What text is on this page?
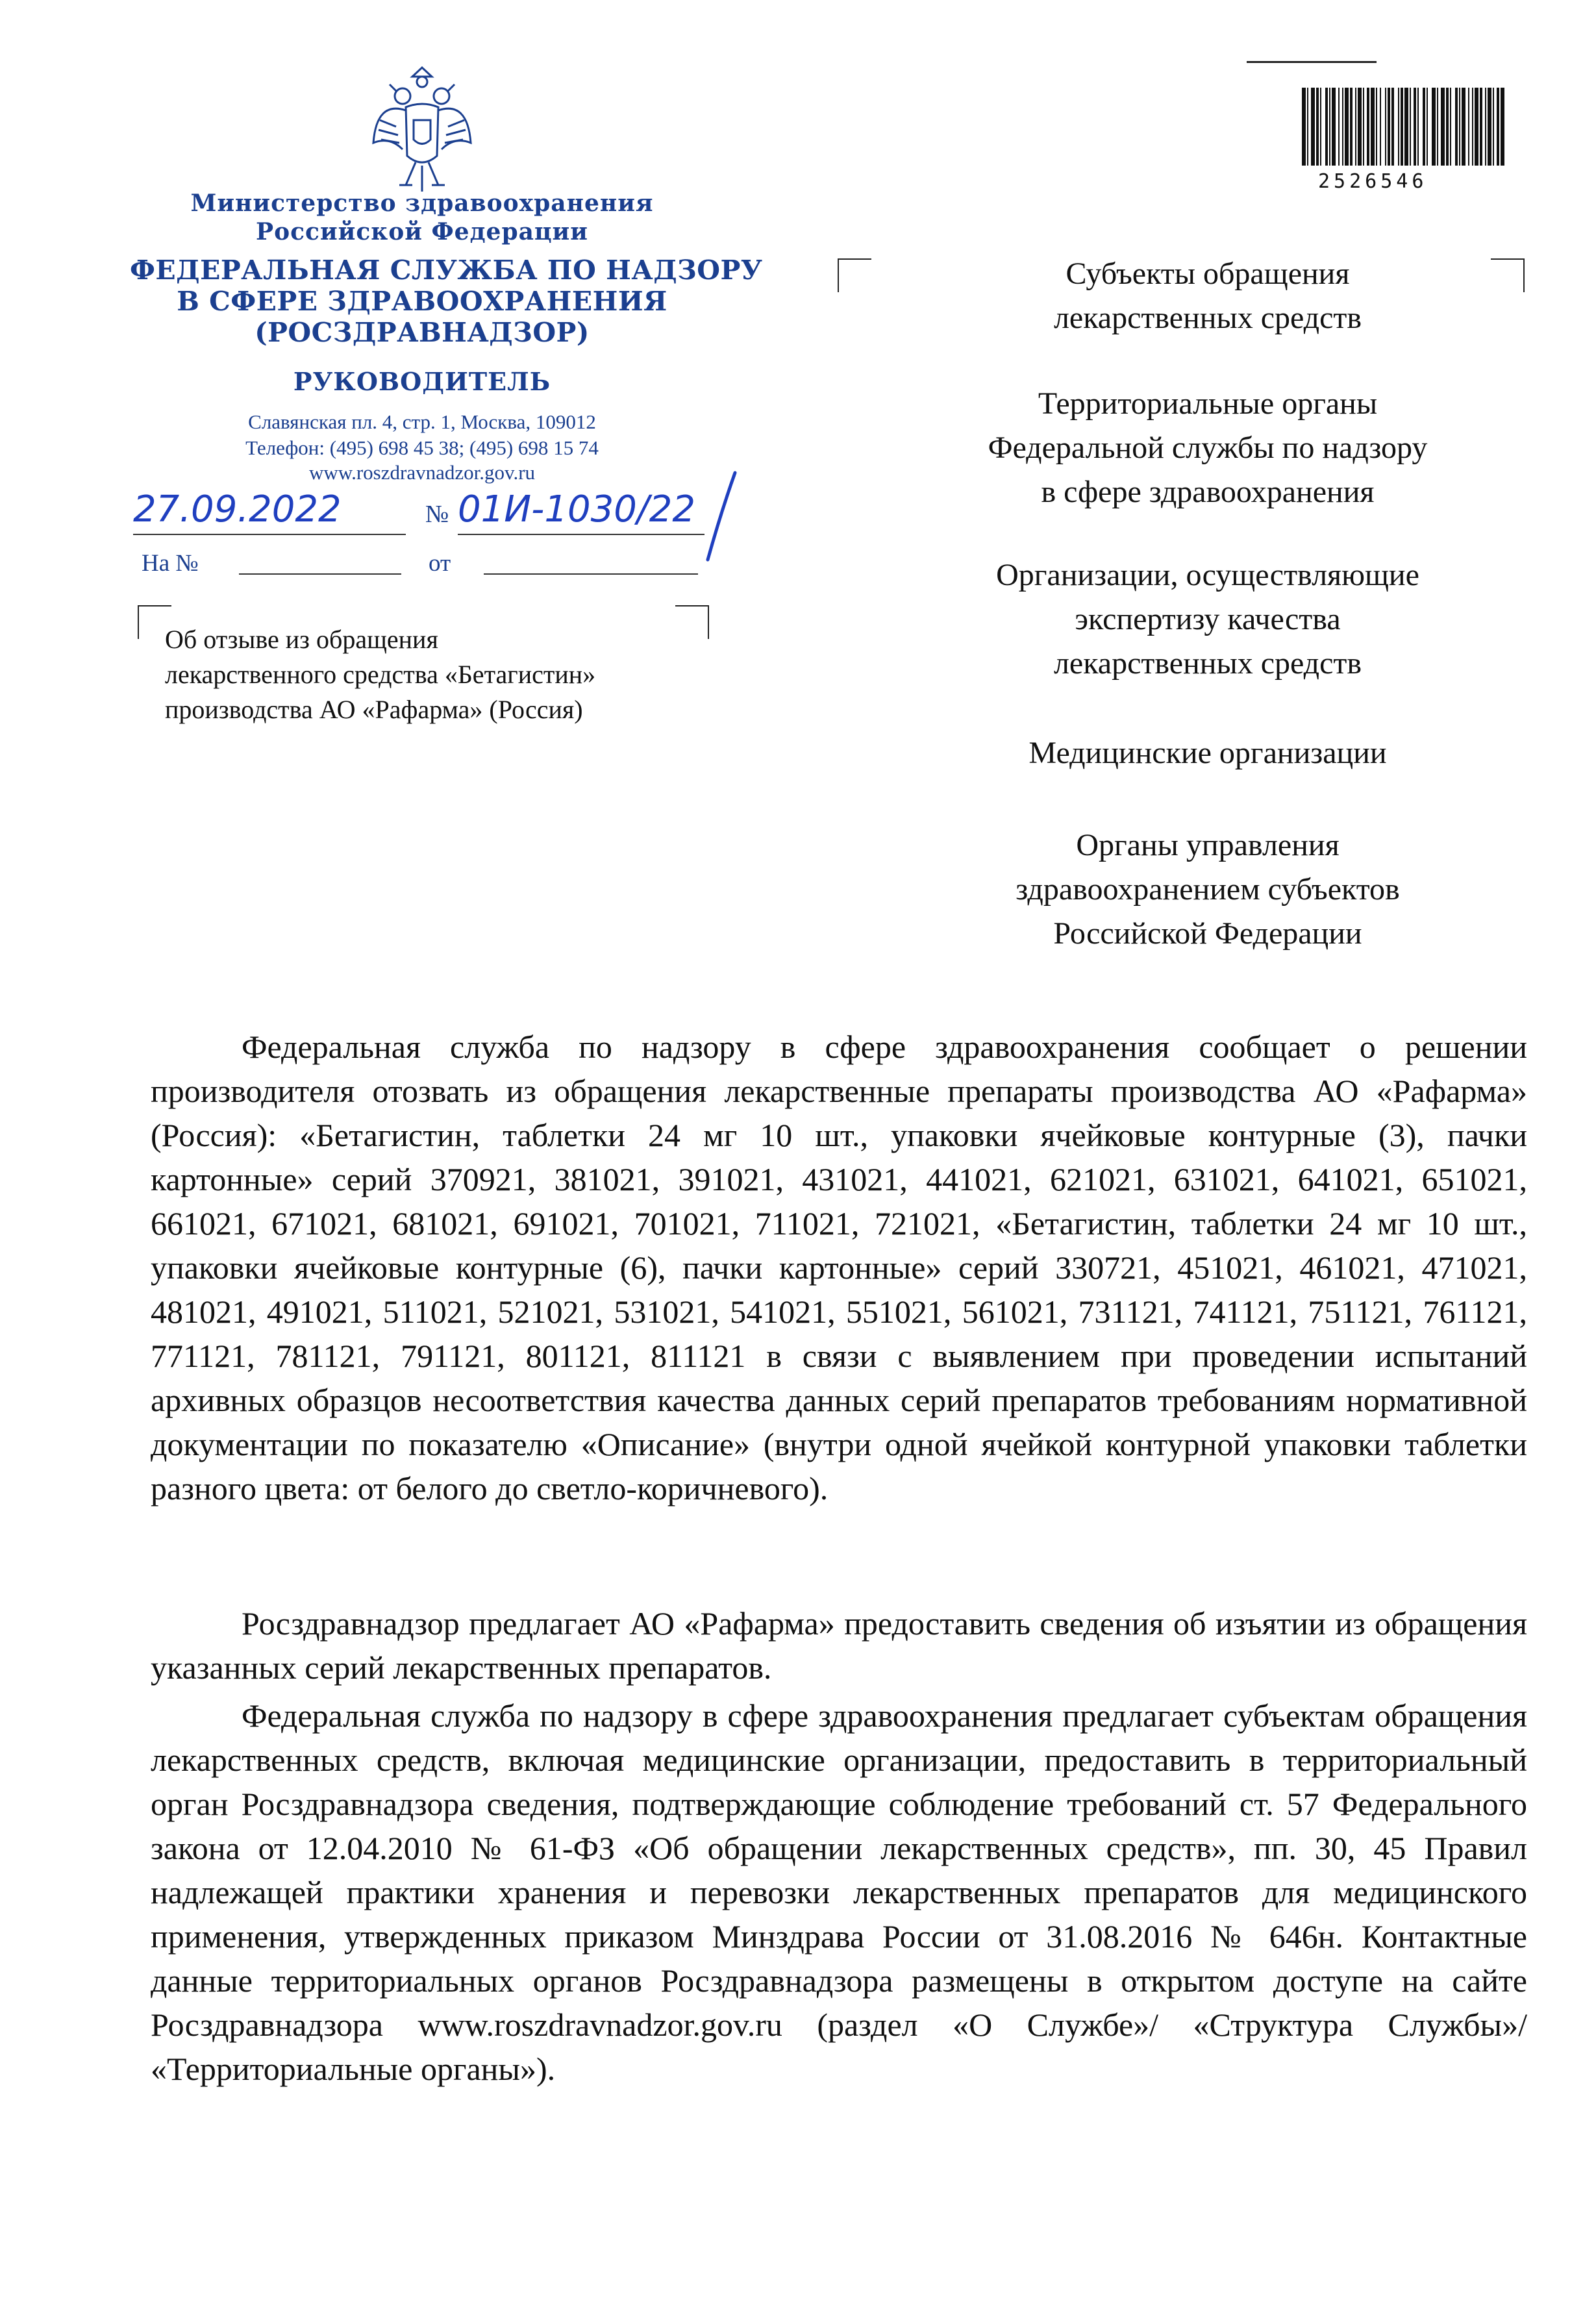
Министерство здравоохранения
Российской Федерации
ФЕДЕРАЛЬНАЯ СЛУЖБА ПО НАДЗОРУ
В СФЕРЕ ЗДРАВООХРАНЕНИЯ
(РОСЗДРАВНАДЗОР)
РУКОВОДИТЕЛЬ
Славянская пл. 4, стр. 1, Москва, 109012
Телефон: (495) 698 45 38; (495) 698 15 74
www.roszdravnadzor.gov.ru
27.09.2022	№ 01И-1030/22
На №	от
Об отзыве из обращения
лекарственного средства «Бетагистин»
производства АО «Рафарма» (Россия)
2526546
Субъекты обращения
лекарственных средств
Территориальные органы
Федеральной службы по надзору
в сфере здравоохранения
Организации, осуществляющие
экспертизу качества
лекарственных средств
Медицинские организации
Органы управления
здравоохранением субъектов
Российской Федерации
Федеральная служба по надзору в сфере здравоохранения сообщает о решении производителя отозвать из обращения лекарственные препараты производства АО «Рафарма» (Россия): «Бетагистин, таблетки 24 мг 10 шт., упаковки ячейковые контурные (3), пачки картонные» серий 370921, 381021, 391021, 431021, 441021, 621021, 631021, 641021, 651021, 661021, 671021, 681021, 691021, 701021, 711021, 721021, «Бетагистин, таблетки 24 мг 10 шт., упаковки ячейковые контурные (6), пачки картонные» серий 330721, 451021, 461021, 471021, 481021, 491021, 511021, 521021, 531021, 541021, 551021, 561021, 731121, 741121, 751121, 761121, 771121, 781121, 791121, 801121, 811121 в связи с выявлением при проведении испытаний архивных образцов несоответствия качества данных серий препаратов требованиям нормативной документации по показателю «Описание» (внутри одной ячейкой контурной упаковки таблетки разного цвета: от белого до светло-коричневого).
Росздравнадзор предлагает АО «Рафарма» предоставить сведения об изъятии из обращения указанных серий лекарственных препаратов.
Федеральная служба по надзору в сфере здравоохранения предлагает субъектам обращения лекарственных средств, включая медицинские организации, предоставить в территориальный орган Росздравнадзора сведения, подтверждающие соблюдение требований ст. 57 Федерального закона от 12.04.2010 № 61-ФЗ «Об обращении лекарственных средств», пп. 30, 45 Правил надлежащей практики хранения и перевозки лекарственных препаратов для медицинского применения, утвержденных приказом Минздрава России от 31.08.2016 № 646н. Контактные данные территориальных органов Росздравнадзора размещены в открытом доступе на сайте Росздравнадзора www.roszdravnadzor.gov.ru (раздел «О Службе»/ «Структура Службы»/ «Территориальные органы»).
